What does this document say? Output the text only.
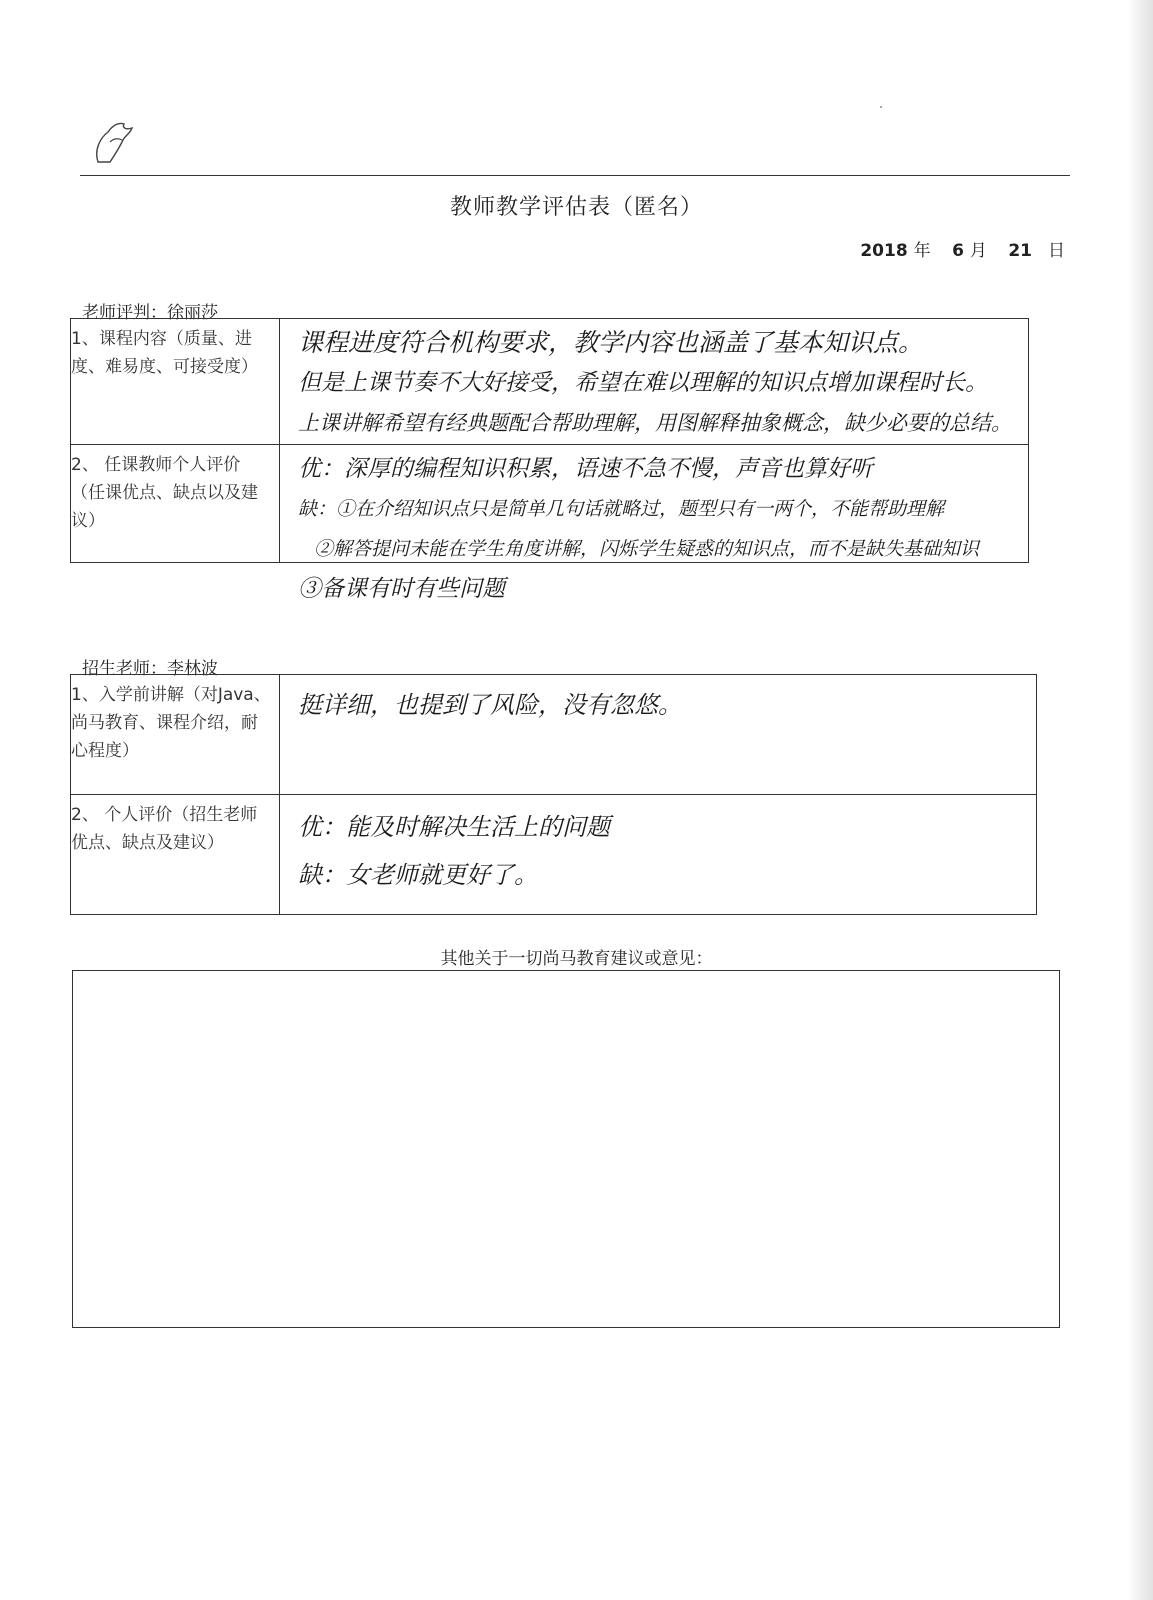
教师教学评估表（匿名）
2018 年 6 月 21 日
老师评判：徐丽莎
1、课程内容（质量、进度、难易度、可接受度）	课程进度符合机构要求，教学内容也涵盖了基本知识点。
但是上课节奏不大好接受，希望在难以理解的知识点增加课程时长。
上课讲解希望有经典题配合帮助理解，用图解释抽象概念，缺少必要的总结。

2、 任课教师个人评价（任课优点、缺点以及建议）	优：深厚的编程知识积累，语速不急不慢，声音也算好听
缺：①在介绍知识点只是简单几句话就略过，题型只有一两个，不能帮助理解
②解答提问未能在学生角度讲解，闪烁学生疑惑的知识点，而不是缺失基础知识
③备课有时有些问题
招生老师：李林波
1、入学前讲解（对Java、尚马教育、课程介绍，耐心程度）	挺详细，也提到了风险，没有忽悠。

2、 个人评价（招生老师优点、缺点及建议）	优：能及时解决生活上的问题
缺：女老师就更好了。
其他关于一切尚马教育建议或意见：
